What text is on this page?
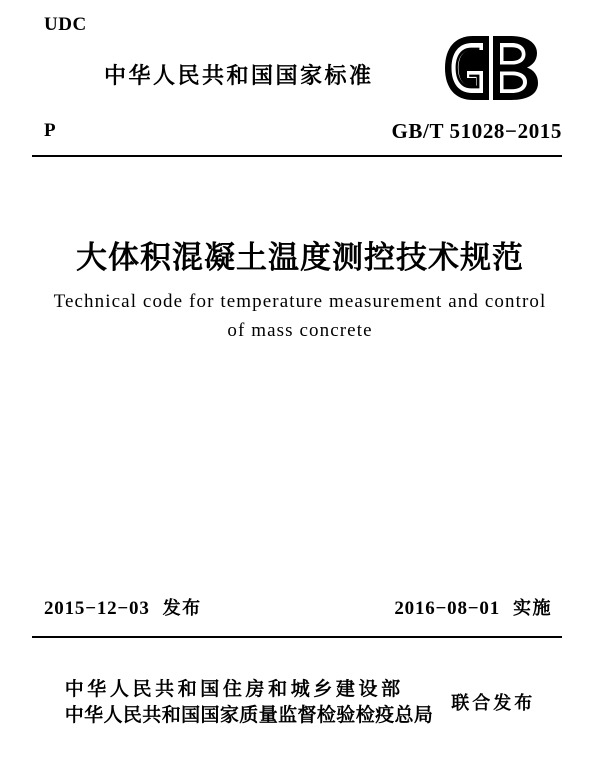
UDC
中华人民共和国国家标准
P	GB/T 51028−2015
大体积混凝土温度测控技术规范
Technical code for temperature measurement and control
of mass concrete
2015−12−03 发布	2016−08−01 实施
中华人民共和国住房和城乡建设部
中华人民共和国国家质量监督检验检疫总局
联合发布
